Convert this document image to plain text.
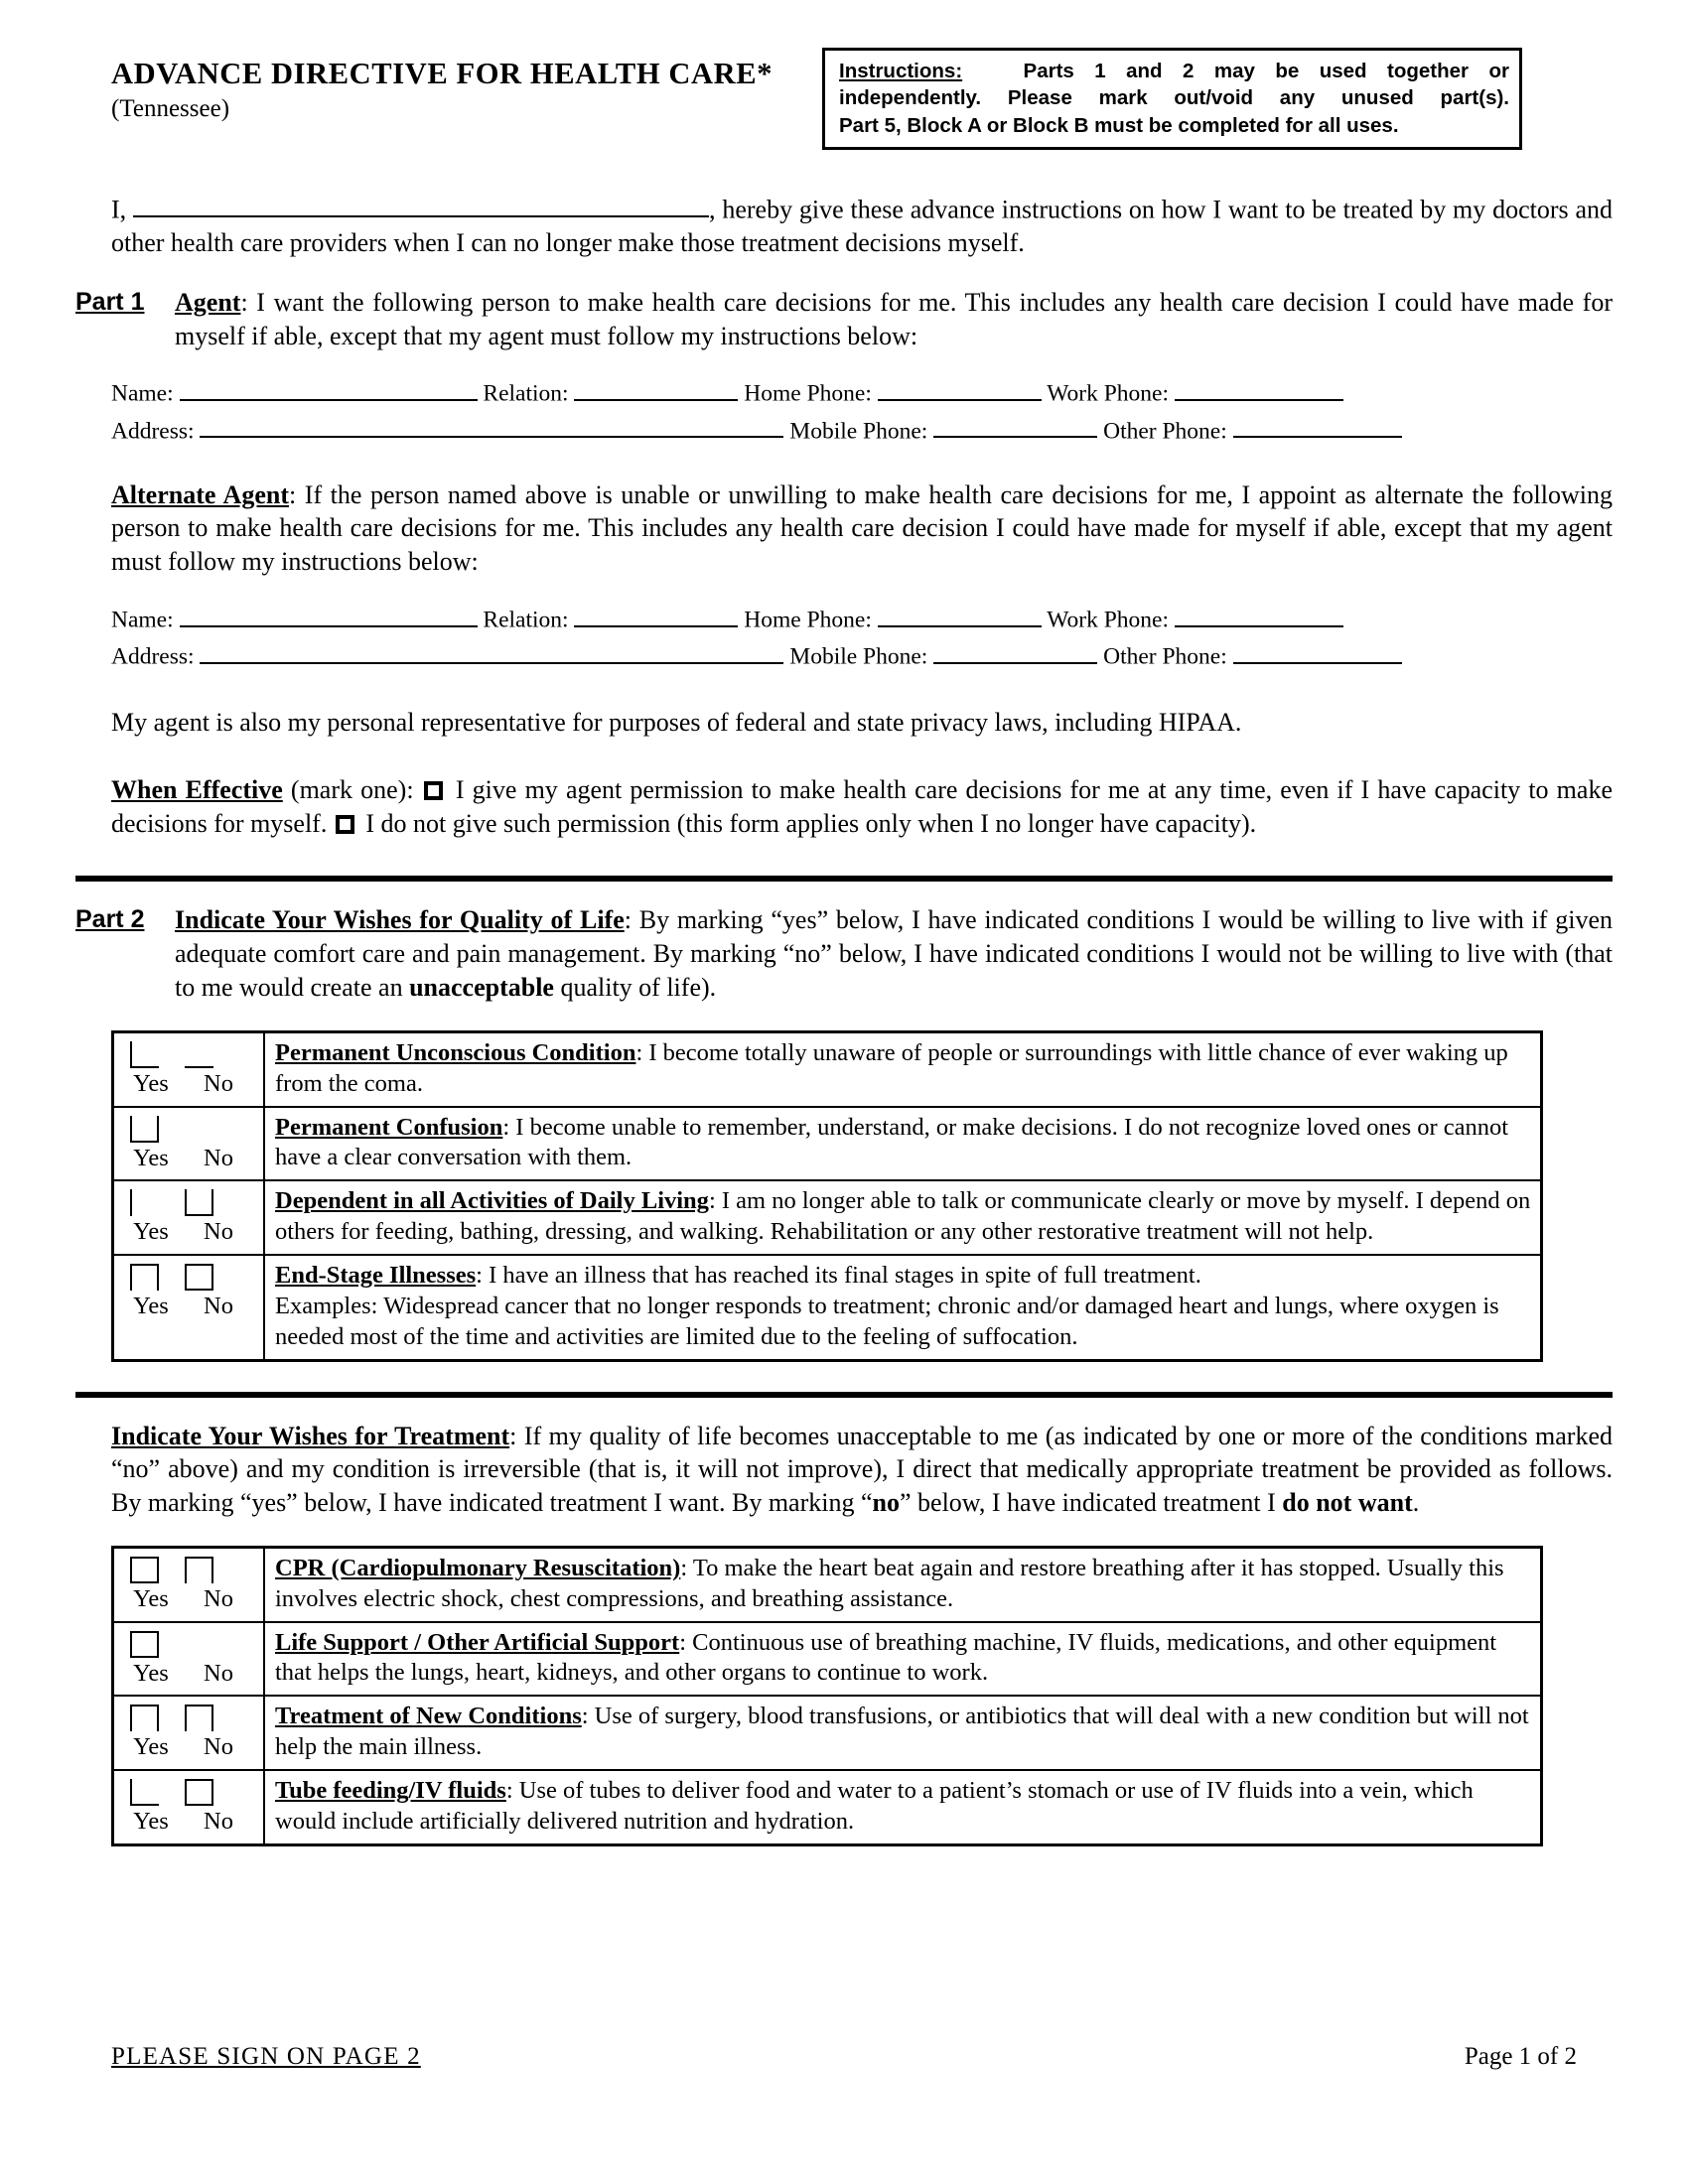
ADVANCE DIRECTIVE FOR HEALTH CARE*
(Tennessee)

Instructions:	Parts 1 and 2 may be used together or

independently. Please mark out/void any unused part(s).

Part 5, Block A or Block B must be completed for all uses.

I,	, hereby give these advance instructions on how I want to be treated by my doctors and other health care providers when I can no longer make those treatment decisions myself.
Part 1	Agent: I want the following person to make health care decisions for me. This includes any health care decision I could have made for myself if able, except that my agent must follow my instructions below:
Name:	Relation:	Home Phone:	Work Phone:
Address:	Mobile Phone:	Other Phone:
Alternate Agent: If the person named above is unable or unwilling to make health care decisions for me, I appoint as alternate the following person to make health care decisions for me. This includes any health care decision I could have made for myself if able, except that my agent must follow my instructions below:
Name:	Relation:	Home Phone:	Work Phone:
Address:	Mobile Phone:	Other Phone:
My agent is also my personal representative for purposes of federal and state privacy laws, including HIPAA.
When Effective (mark one):  I give my agent permission to make health care decisions for me at any time, even if I have capacity to make decisions for myself.  I do not give such permission (this form applies only when I no longer have capacity).
Part 2	Indicate Your Wishes for Quality of Life: By marking “yes” below, I have indicated conditions I would be willing to live with if given adequate comfort care and pain management. By marking “no” below, I have indicated conditions I would not be willing to live with (that to me would create an unacceptable quality of life).
Yes No	Permanent Unconscious Condition: I become totally unaware of people or surroundings with little chance of ever waking up from the coma.

Yes No	Permanent Confusion: I become unable to remember, understand, or make decisions. I do not recognize loved ones or cannot have a clear conversation with them.

Yes No	Dependent in all Activities of Daily Living: I am no longer able to talk or communicate clearly or move by myself. I depend on others for feeding, bathing, dressing, and walking. Rehabilitation or any other restorative treatment will not help.

Yes No	End-Stage Illnesses: I have an illness that has reached its final stages in spite of full treatment.
Examples: Widespread cancer that no longer responds to treatment; chronic and/or damaged heart and lungs, where oxygen is needed most of the time and activities are limited due to the feeling of suffocation.
Indicate Your Wishes for Treatment: If my quality of life becomes unacceptable to me (as indicated by one or more of the conditions marked “no” above) and my condition is irreversible (that is, it will not improve), I direct that medically appropriate treatment be provided as follows. By marking “yes” below, I have indicated treatment I want. By marking “no” below, I have indicated treatment I do not want.
Yes No	CPR (Cardiopulmonary Resuscitation): To make the heart beat again and restore breathing after it has stopped. Usually this involves electric shock, chest compressions, and breathing assistance.

Yes No	Life Support / Other Artificial Support: Continuous use of breathing machine, IV fluids, medications, and other equipment that helps the lungs, heart, kidneys, and other organs to continue to work.

Yes No	Treatment of New Conditions: Use of surgery, blood transfusions, or antibiotics that will deal with a new condition but will not help the main illness.

Yes No	Tube feeding/IV fluids: Use of tubes to deliver food and water to a patient’s stomach or use of IV fluids into a vein, which would include artificially delivered nutrition and hydration.
PLEASE SIGN ON PAGE 2	Page 1 of 2
